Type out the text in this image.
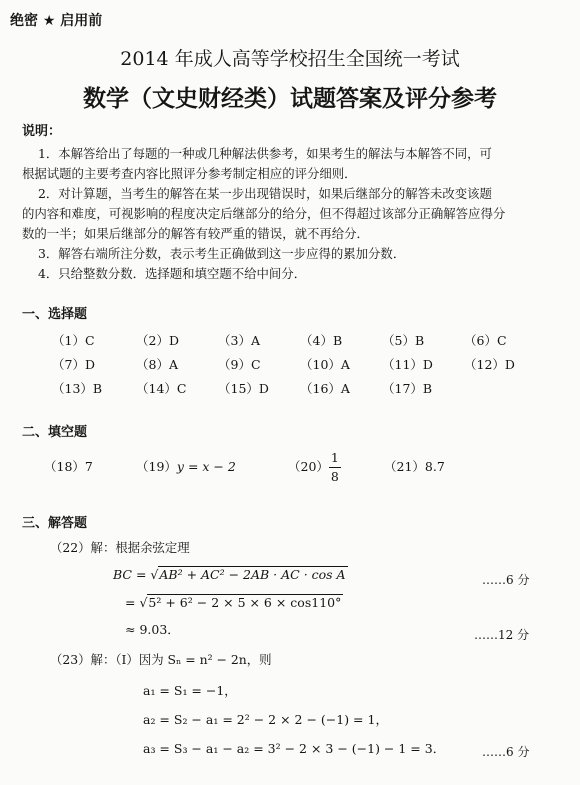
绝密 ★ 启用前
2014 年成人高等学校招生全国统一考试
数学（文史财经类）试题答案及评分参考
说明：
1．本解答给出了每题的一种或几种解法供参考，如果考生的解法与本解答不同，可
根据试题的主要考查内容比照评分参考制定相应的评分细则．
2．对计算题，当考生的解答在某一步出现错误时，如果后继部分的解答未改变该题
的内容和难度，可视影响的程度决定后继部分的给分，但不得超过该部分正确解答应得分
数的一半；如果后继部分的解答有较严重的错误，就不再给分．
3．解答右端所注分数，表示考生正确做到这一步应得的累加分数．
4．只给整数分数．选择题和填空题不给中间分．
一、选择题
（1）C	（2）D	（3）A	（4）B	（5）B	（6）C
（7）D	（8）A	（9）C	（10）A	（11）D （12）D
（13）B	（14）C	（15）D （16）A	（17）B
二、填空题
（18）7	（19）y = x − 2	$(20) \frac{1}{8}$	（21）8.7
三、解答题
（22）解：根据余弦定理
BC = √AB² + AC² − 2AB · AC · cos A	……6 分
= √5² + 6² − 2 × 5 × 6 × cos110°
≈ 9.03．	……12 分
（23）解：（Ⅰ）因为 Sₙ = n² − 2n，则
a₁ = S₁ = −1，
a₂ = S₂ − a₁ = 2² − 2 × 2 − (−1) = 1，
a₃ = S₃ − a₁ − a₂ = 3² − 2 × 3 − (−1) − 1 = 3．	……6 分
